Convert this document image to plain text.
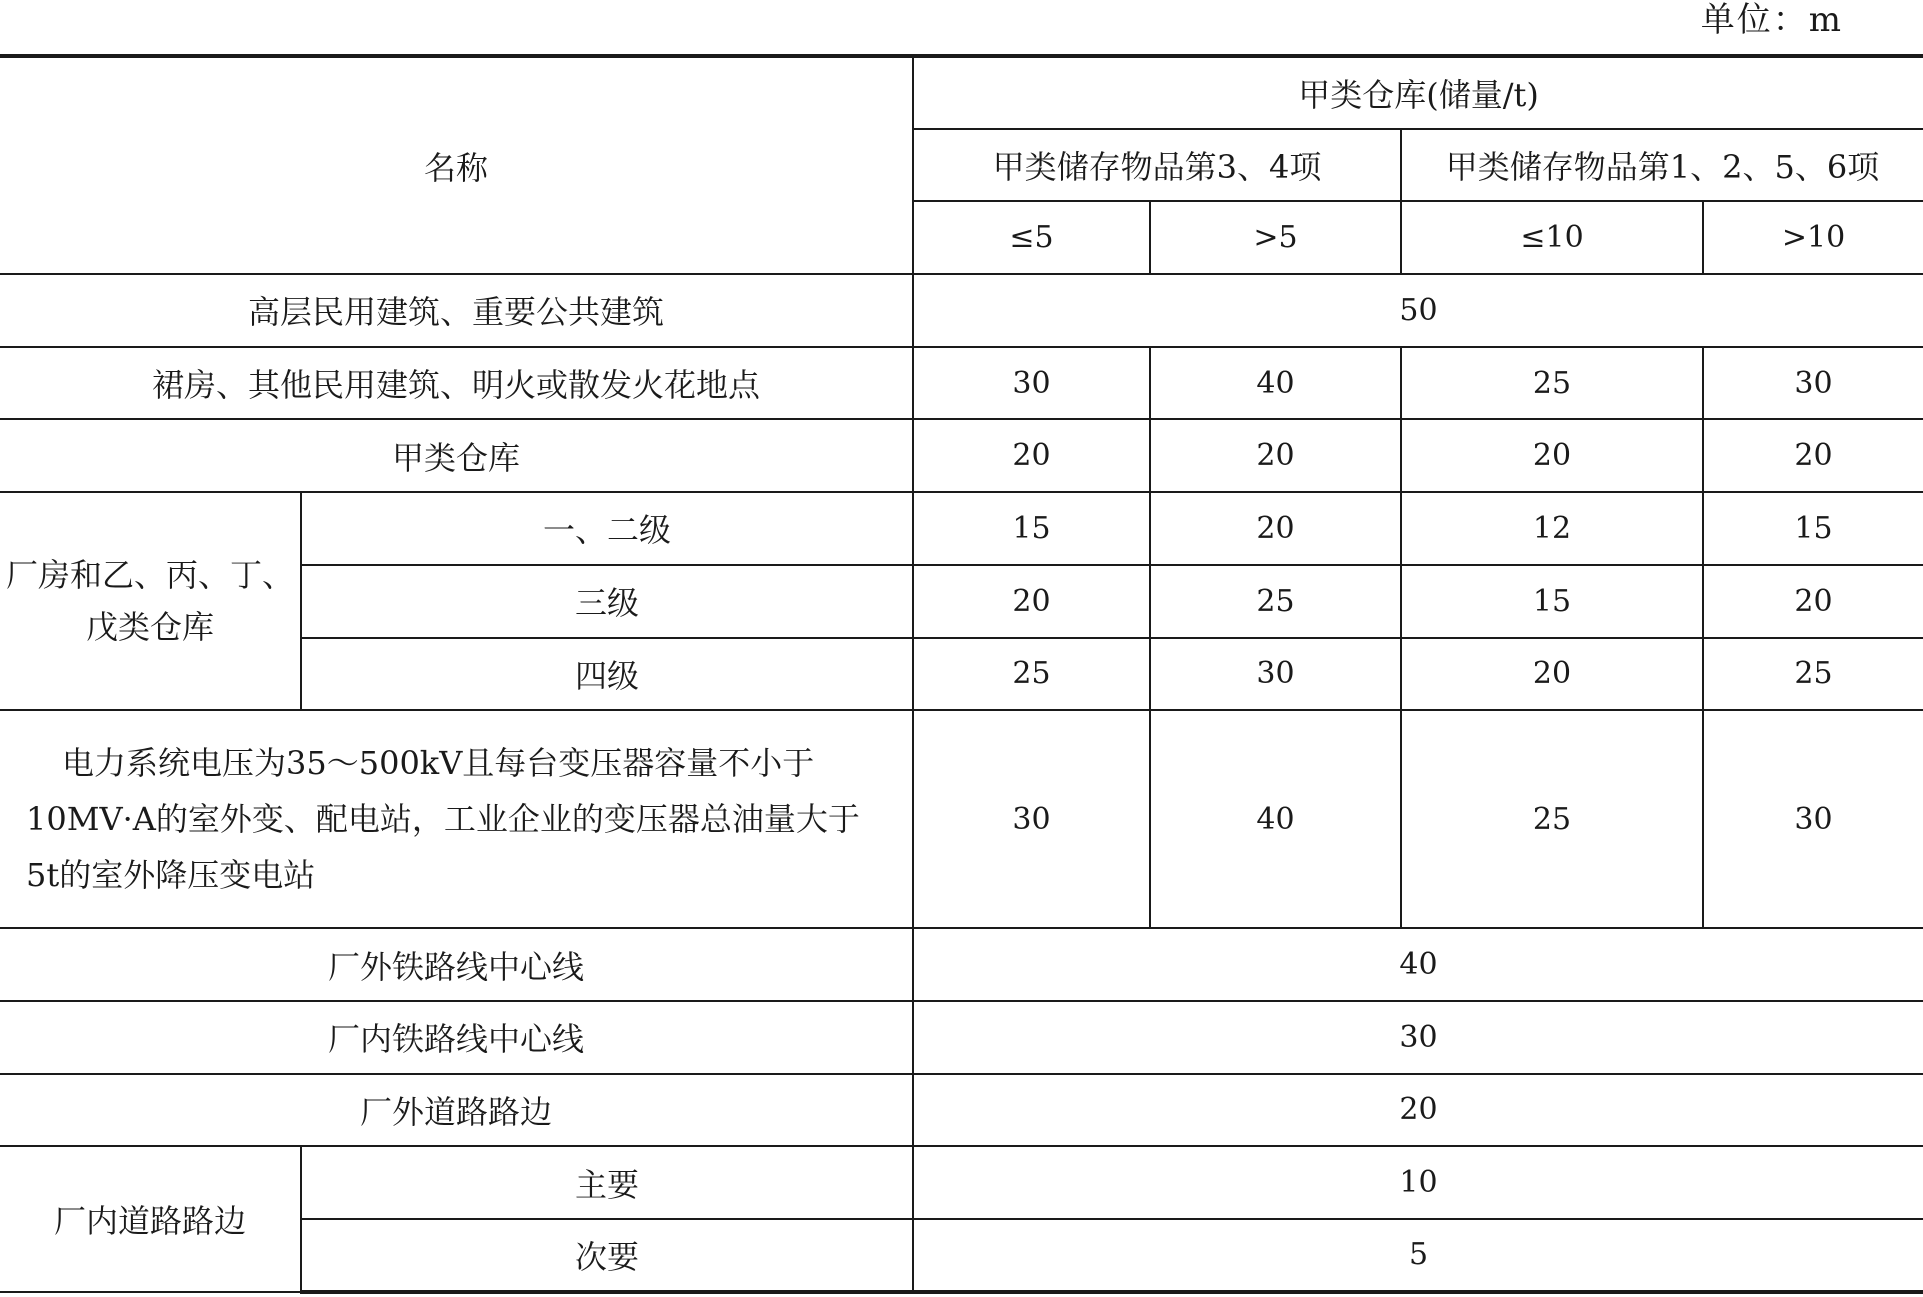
单位：m
名称		甲类仓库(储量/t)			
		甲类储存物品第3、4项		甲类储存物品第1、2、5、6项	
		≤5	>5	≤10	>10
高层民用建筑、重要公共建筑		50			
裙房、其他民用建筑、明火或散发火花地点		30	40	25	30
甲类仓库		20	20	20	20
厂房和乙、丙、丁、戊类仓库	一、二级	15	20	12	15
	三级	20	25	15	20
	四级	25	30	20	25
电力系统电压为35～500kV且每台变压器容量不小于10MV·A的室外变、配电站，工业企业的变压器总油量大于5t的室外降压变电站		30	40	25	30
厂外铁路线中心线		40			
厂内铁路线中心线		30			
厂外道路路边		20			
厂内道路路边	主要	10			
	次要	5			
